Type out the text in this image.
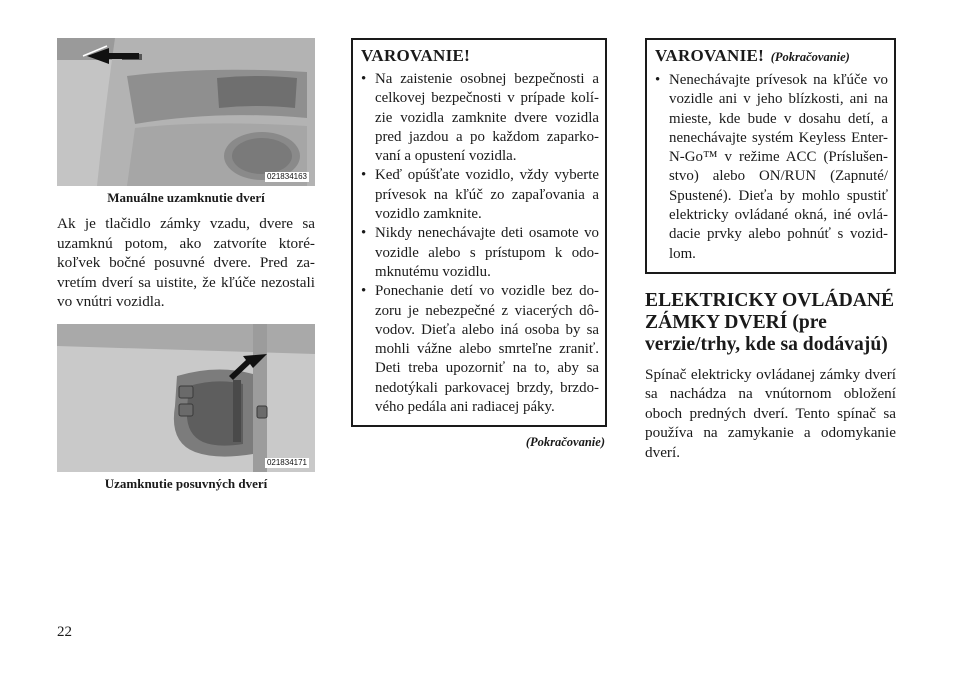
021834163
Manuálne uzamknutie dverí

Ak je tlačidlo zámky vzadu, dvere sa uzamknú potom, ako zatvoríte ktoré-koľvek bočné posuvné dvere. Pred za-vretím dverí sa uistite, že kľúče nezostali vo vnútri vozidla.

021834171
Uzamknutie posuvných dverí
VAROVANIE!
• Na zaistenie osobnej bezpečnosti a celkovej bezpečnosti v prípade kolí-zie vozidla zamknite dvere vozidla pred jazdou a po každom zaparko-vaní a opustení vozidla.
• Keď opúšťate vozidlo, vždy vyberte prívesok na kľúč zo zapaľovania a vozidlo zamknite.
• Nikdy nenechávajte deti osamote vo vozidle alebo s prístupom k odo-mknutému vozidlu.
• Ponechanie detí vo vozidle bez do-zoru je nebezpečné z viacerých dô-vodov. Dieťa alebo iná osoba by sa mohli vážne alebo smrteľne zraniť. Deti treba upozorniť na to, aby sa nedotýkali parkovacej brzdy, brzdo-vého pedála ani radiacej páky.
(Pokračovanie)
VAROVANIE! (Pokračovanie)
• Nenechávajte prívesok na kľúče vo vozidle ani v jeho blízkosti, ani na mieste, kde bude v dosahu detí, a nenechávajte systém Keyless Enter-N-Go™ v režime ACC (Príslušen-stvo) alebo ON/RUN (Zapnuté/ Spustené). Dieťa by mohlo spustiť elektricky ovládané okná, iné ovlá-dacie prvky alebo pohnúť s vozid-lom.
ELEKTRICKY OVLÁDANÉ ZÁMKY DVERÍ (pre verzie/trhy, kde sa dodávajú)

Spínač elektricky ovládanej zámky dverí sa nachádza na vnútornom obložení oboch predných dverí. Tento spínač sa používa na zamykanie a odomykanie dverí.

22
